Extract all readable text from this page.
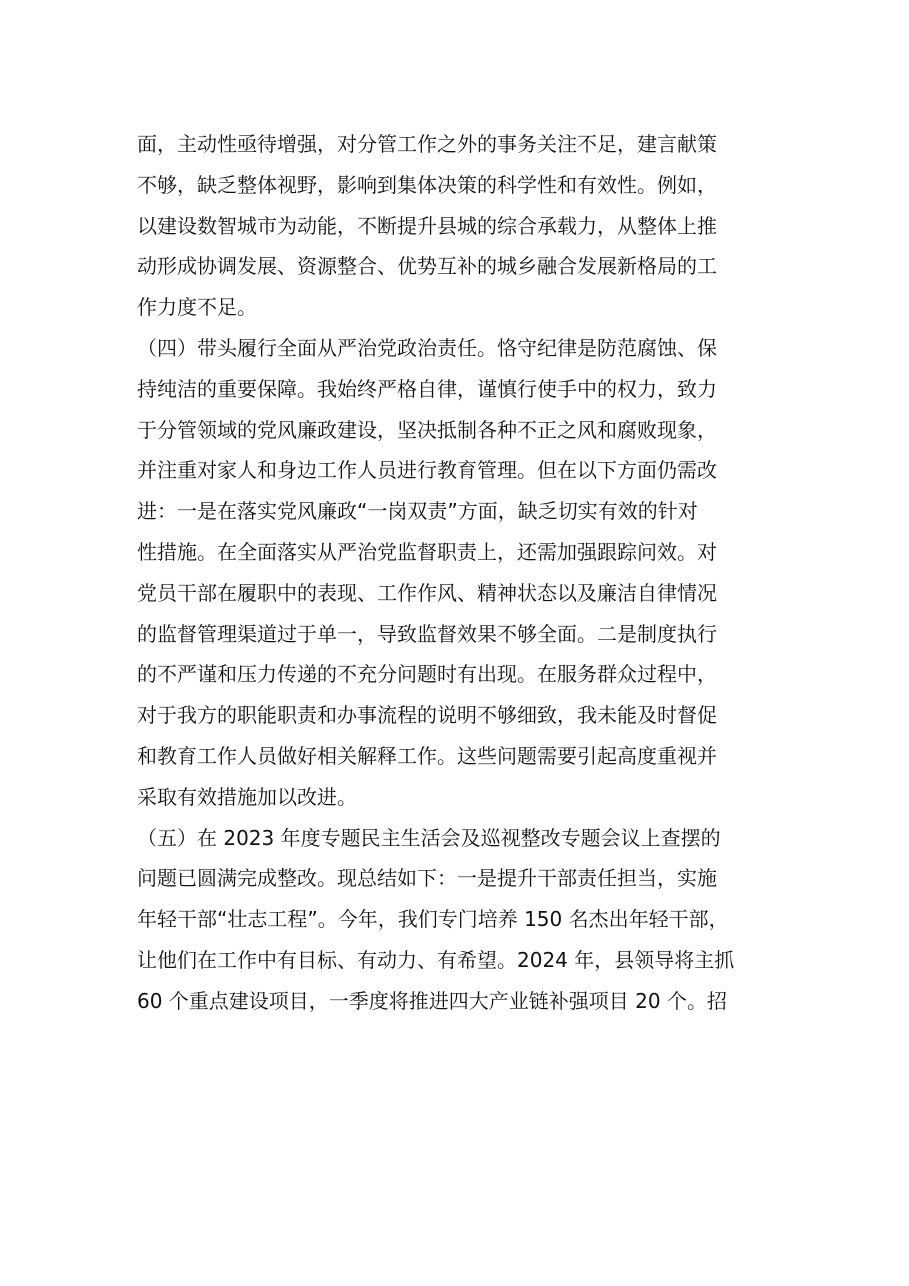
面，主动性亟待增强，对分管工作之外的事务关注不足，建言献策
不够，缺乏整体视野，影响到集体决策的科学性和有效性。例如，
以建设数智城市为动能，不断提升县城的综合承载力，从整体上推
动形成协调发展、资源整合、优势互补的城乡融合发展新格局的工
作力度不足。
（四）带头履行全面从严治党政治责任。恪守纪律是防范腐蚀、保
持纯洁的重要保障。我始终严格自律，谨慎行使手中的权力，致力
于分管领域的党风廉政建设，坚决抵制各种不正之风和腐败现象，
并注重对家人和身边工作人员进行教育管理。但在以下方面仍需改
进：一是在落实党风廉政“一岗双责”方面，缺乏切实有效的针对
性措施。在全面落实从严治党监督职责上，还需加强跟踪问效。对
党员干部在履职中的表现、工作作风、精神状态以及廉洁自律情况
的监督管理渠道过于单一，导致监督效果不够全面。二是制度执行
的不严谨和压力传递的不充分问题时有出现。在服务群众过程中，
对于我方的职能职责和办事流程的说明不够细致，我未能及时督促
和教育工作人员做好相关解释工作。这些问题需要引起高度重视并
采取有效措施加以改进。
（五）在 2023 年度专题民主生活会及巡视整改专题会议上查摆的
问题已圆满完成整改。现总结如下：一是提升干部责任担当，实施
年轻干部“壮志工程”。今年，我们专门培养 150 名杰出年轻干部，
让他们在工作中有目标、有动力、有希望。2024 年，县领导将主抓
60 个重点建设项目，一季度将推进四大产业链补强项目 20 个。招
